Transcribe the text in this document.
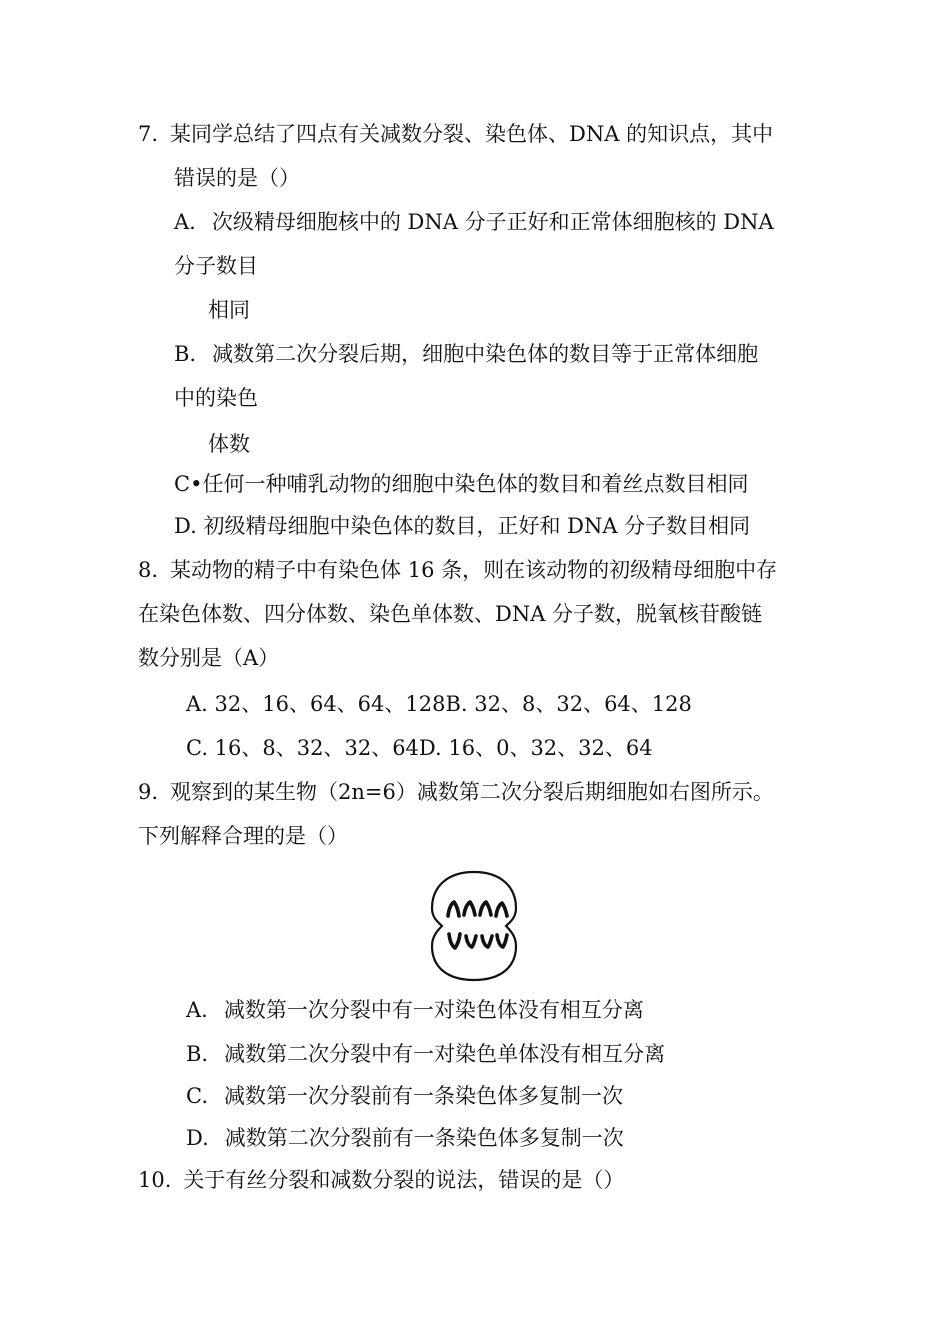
7. 某同学总结了四点有关减数分裂、染色体、DNA 的知识点，其中
错误的是（）
A. 次级精母细胞核中的 DNA 分子正好和正常体细胞核的 DNA
分子数目
相同
B. 减数第二次分裂后期，细胞中染色体的数目等于正常体细胞
中的染色
体数
C•任何一种哺乳动物的细胞中染色体的数目和着丝点数目相同
D. 初级精母细胞中染色体的数目，正好和 DNA 分子数目相同
8. 某动物的精子中有染色体 16 条，则在该动物的初级精母细胞中存
在染色体数、四分体数、染色单体数、DNA 分子数，脱氧核苷酸链
数分别是（A）
A. 32、16、64、64、128B. 32、8、32、64、128
C. 16、8、32、32、64D. 16、0、32、32、64
9. 观察到的某生物（2n=6）减数第二次分裂后期细胞如右图所示。
下列解释合理的是（）
A. 减数第一次分裂中有一对染色体没有相互分离
B. 减数第二次分裂中有一对染色单体没有相互分离
C. 减数第一次分裂前有一条染色体多复制一次
D. 减数第二次分裂前有一条染色体多复制一次
10. 关于有丝分裂和减数分裂的说法，错误的是（）
